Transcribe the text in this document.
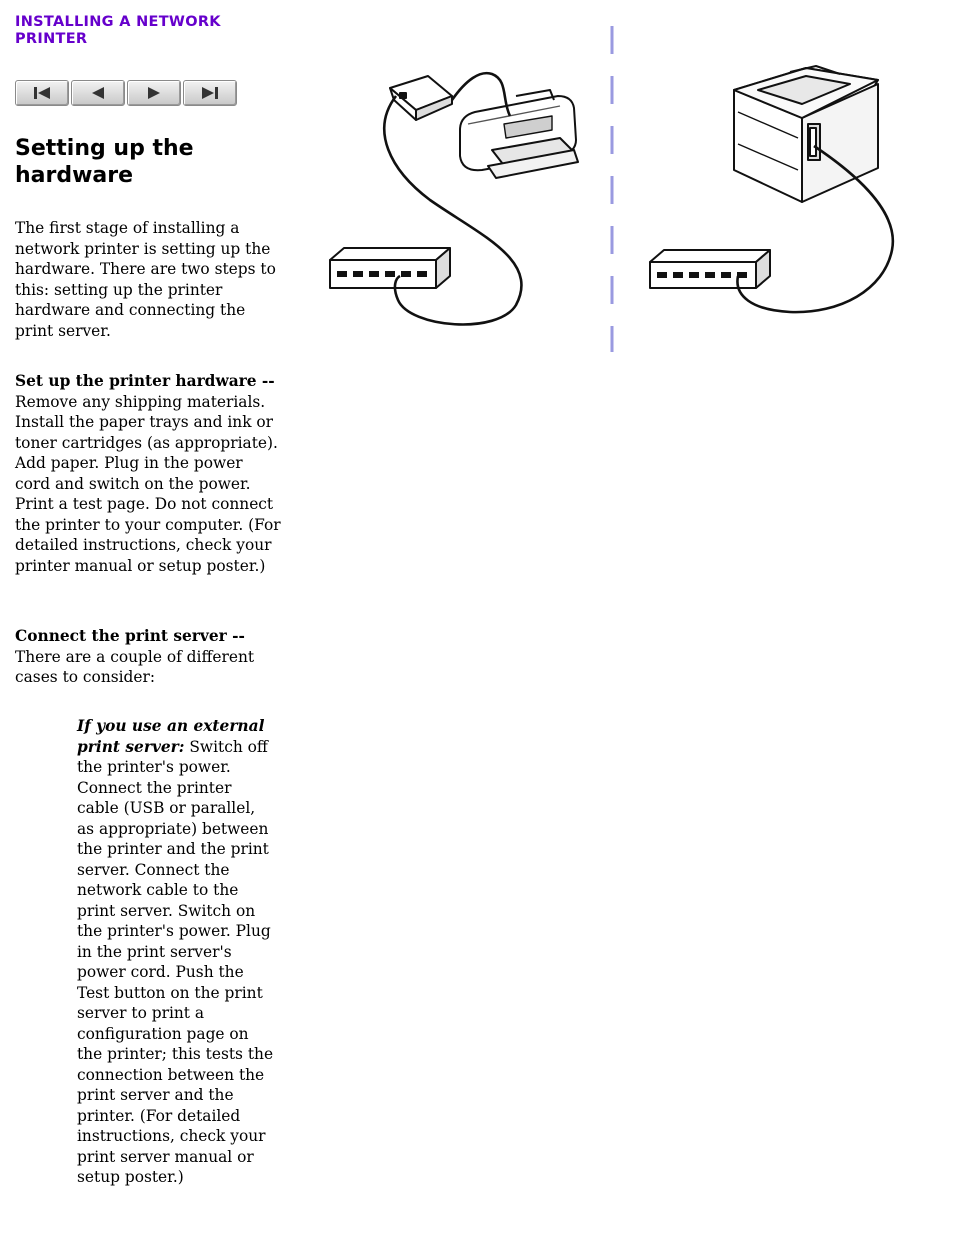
INSTALLING A NETWORK
PRINTER

Setting up the
hardware

The first stage of installing a network printer is setting up the hardware. There are two steps to this: setting up the printer hardware and connecting the print server.

Set up the printer hardware -- Remove any shipping materials. Install the paper trays and ink or toner cartridges (as appropriate). Add paper. Plug in the power cord and switch on the power. Print a test page. Do not connect the printer to your computer. (For detailed instructions, check your printer manual or setup poster.)

Connect the print server --
There are a couple of different cases to consider:

If you use an external print server: Switch off the printer's power. Connect the printer cable (USB or parallel, as appropriate) between the printer and the print server. Connect the network cable to the print server. Switch on the printer's power. Plug in the print server's power cord. Push the Test button on the print server to print a configuration page on the printer; this tests the connection between the print server and the printer. (For detailed instructions, check your print server manual or setup poster.)
